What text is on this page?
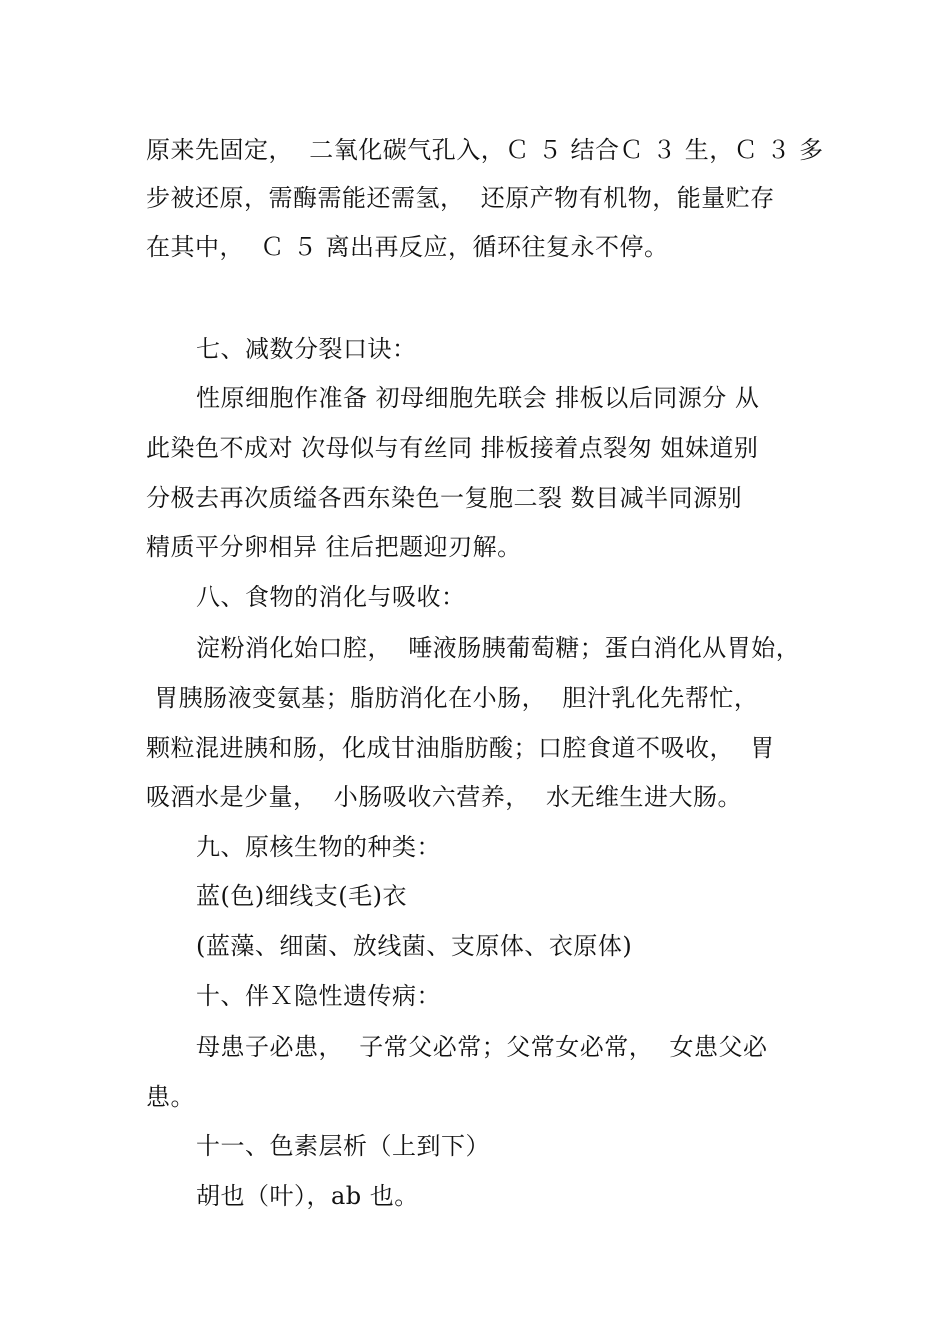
原来先固定，  二氧化碳气孔入，Ｃ ５ 结合Ｃ ３ 生，Ｃ ３ 多
步被还原，需酶需能还需氢，  还原产物有机物，能量贮存
在其中，  Ｃ ５ 离出再反应，循环往复永不停。
七、减数分裂口诀：
性原细胞作准备 初母细胞先联会 排板以后同源分 从
此染色不成对 次母似与有丝同 排板接着点裂匆 姐妹道别
分极去再次质缢各西东染色一复胞二裂 数目减半同源别
精质平分卵相异 往后把题迎刃解。
八、食物的消化与吸收：
淀粉消化始口腔，  唾液肠胰葡萄糖；蛋白消化从胃始，
胃胰肠液变氨基；脂肪消化在小肠，  胆汁乳化先帮忙，
颗粒混进胰和肠，化成甘油脂肪酸；口腔食道不吸收，  胃
吸酒水是少量，  小肠吸收六营养，  水无维生进大肠。
九、原核生物的种类：
蓝(色)细线支(毛)衣
(蓝藻、细菌、放线菌、支原体、衣原体)
十、伴Ｘ隐性遗传病：
母患子必患，  子常父必常；父常女必常，  女患父必
患。
十一、色素层析（上到下）
胡也（叶），ab 也。
